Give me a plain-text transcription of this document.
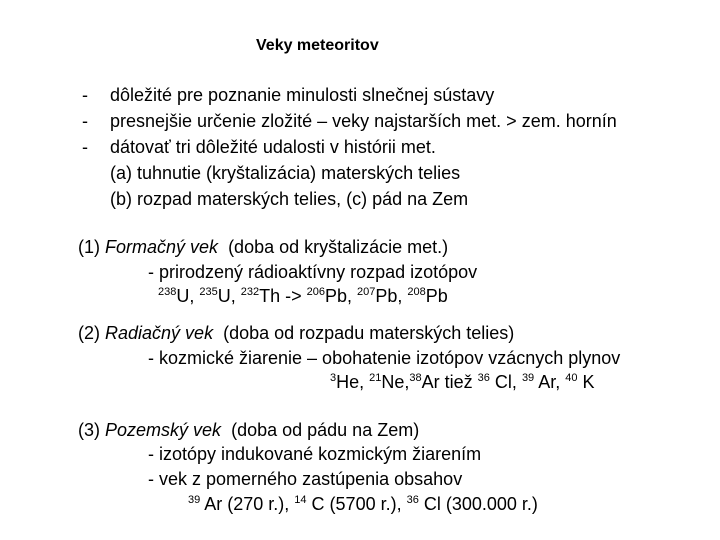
Veky meteoritov
- dôležité pre poznanie minulosti slnečnej sústavy
- presnejšie určenie zložité – veky najstarších met. > zem. hornín
- dátovať tri dôležité udalosti v histórii met.
(a) tuhnutie (kryštalizácia) materských telies
(b) rozpad materských telies, (c) pád na Zem
(1) Formačný vek (doba od kryštalizácie met.)
- prirodzený rádioaktívny rozpad izotópov
$^{238}$U, $^{235}$U, $^{232}$Th -> $^{206}$Pb, $^{207}$Pb, $^{208}$Pb
(2) Radiačný vek (doba od rozpadu materských telies)
- kozmické žiarenie – obohatenie izotópov vzácnych plynov
$^3$He, $^{21}$Ne,$^{38}$Ar tiež $^{36}$ Cl, $^{39}$ Ar, $^{40}$ K
(3) Pozemský vek (doba od pádu na Zem)
- izotópy indukované kozmickým žiarením
- vek z pomerného zastúpenia obsahov
$^{39}$ Ar (270 r.), $^{14}$ C (5700 r.), $^{36}$ Cl (300.000 r.)
